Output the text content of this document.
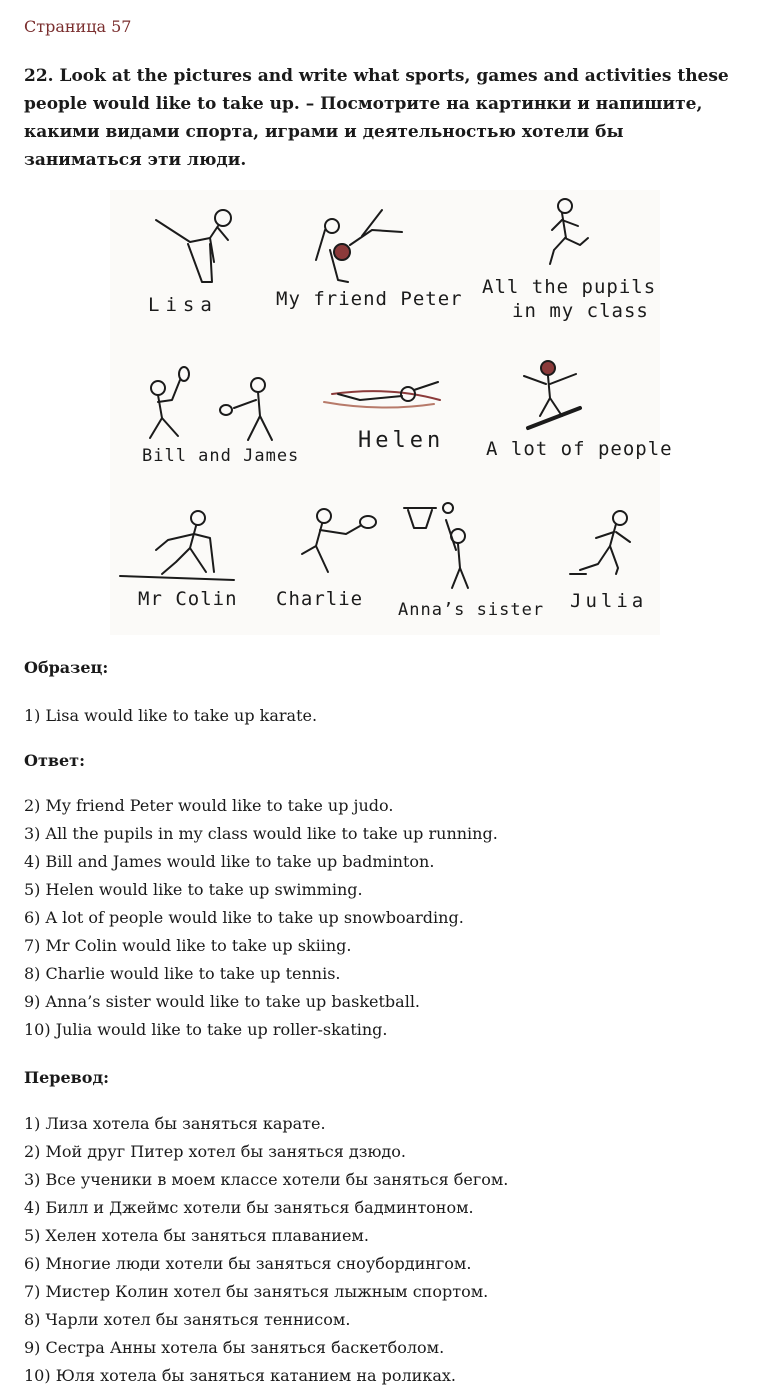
Страница 57
22. Look at the pictures and write what sports, games and activities these people would like to take up. – Посмотрите на картинки и напишите, какими видами спорта, играми и деятельностью хотели бы заниматься эти люди.
Lisa	My friend Peter
All the pupils
in my class
Bill and James
Helen A lot of people
Mr Colin Charlie Anna’s sister Julia
Образец:
1) Lisa would like to take up karate.
Ответ:
2) My friend Peter would like to take up judo.
3) All the pupils in my class would like to take up running.
4) Bill and James would like to take up badminton.
5) Helen would like to take up swimming.
6) A lot of people would like to take up snowboarding.
7) Mr Colin would like to take up skiing.
8) Charlie would like to take up tennis.
9) Anna’s sister would like to take up basketball.
10) Julia would like to take up roller-skating.
Перевод:
1) Лиза хотела бы заняться карате.
2) Мой друг Питер хотел бы заняться дзюдо.
3) Все ученики в моем классе хотели бы заняться бегом.
4) Билл и Джеймс хотели бы заняться бадминтоном.
5) Хелен хотела бы заняться плаванием.
6) Многие люди хотели бы заняться сноубордингом.
7) Мистер Колин хотел бы заняться лыжным спортом.
8) Чарли хотел бы заняться теннисом.
9) Сестра Анны хотела бы заняться баскетболом.
10) Юля хотела бы заняться катанием на роликах.
